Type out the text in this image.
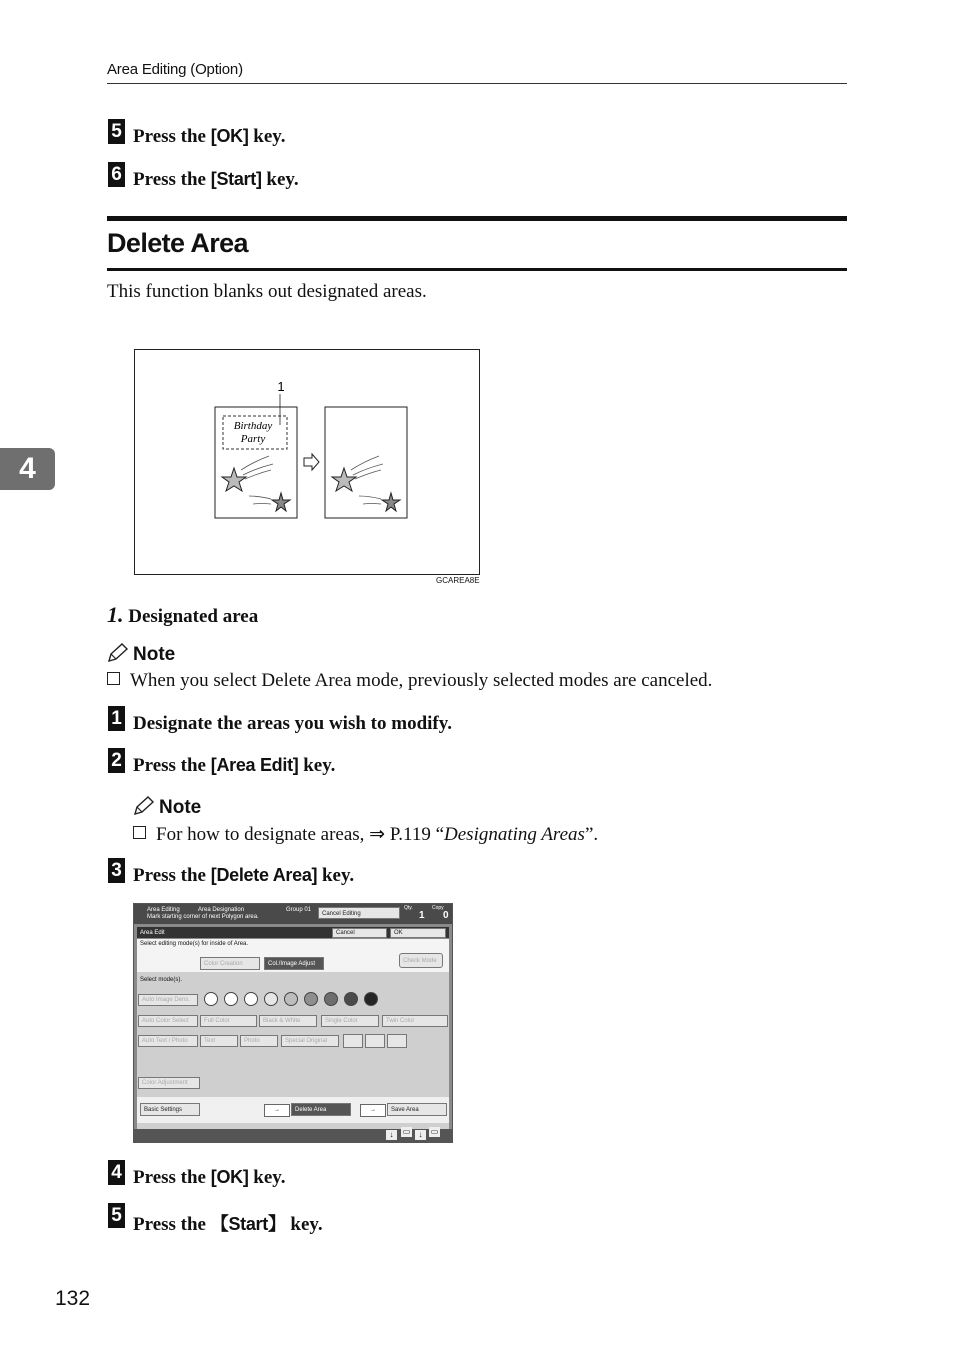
Area Editing (Option)
5 Press the [OK] key.
6 Press the [Start] key.
Delete Area
This function blanks out designated areas.
4
Birthday
Party
1
GCAREA8E
1. Designated area
Note
When you select Delete Area mode, previously selected modes are canceled.
1 Designate the areas you wish to modify.
2 Press the [Area Edit] key.
Note
For how to designate areas, ⇒ P.119 “Designating Areas”.
3 Press the [Delete Area] key.
Area Editing	Area Designation
Mark starting corner of next Polygon area.
Group 01
Cancel Editing
Qty.
1
Copy
0
Area Edit	Cancel	OK
Select editing mode(s) for inside of Area.
Color Creation	Col./Image Adjust	Check Mode
Select mode(s).
Auto Image Dens.
Auto Color Select	Full Color	Black & White	Single Color	Twin Color
Auto Text / Photo	Text	Photo	Special Original
Color Adjustment
Basic Settings	→	Delete Area	→	Save Area
↓	▭	↓	▭
4 Press the [OK] key.
5 Press the 【Start】 key.
132
